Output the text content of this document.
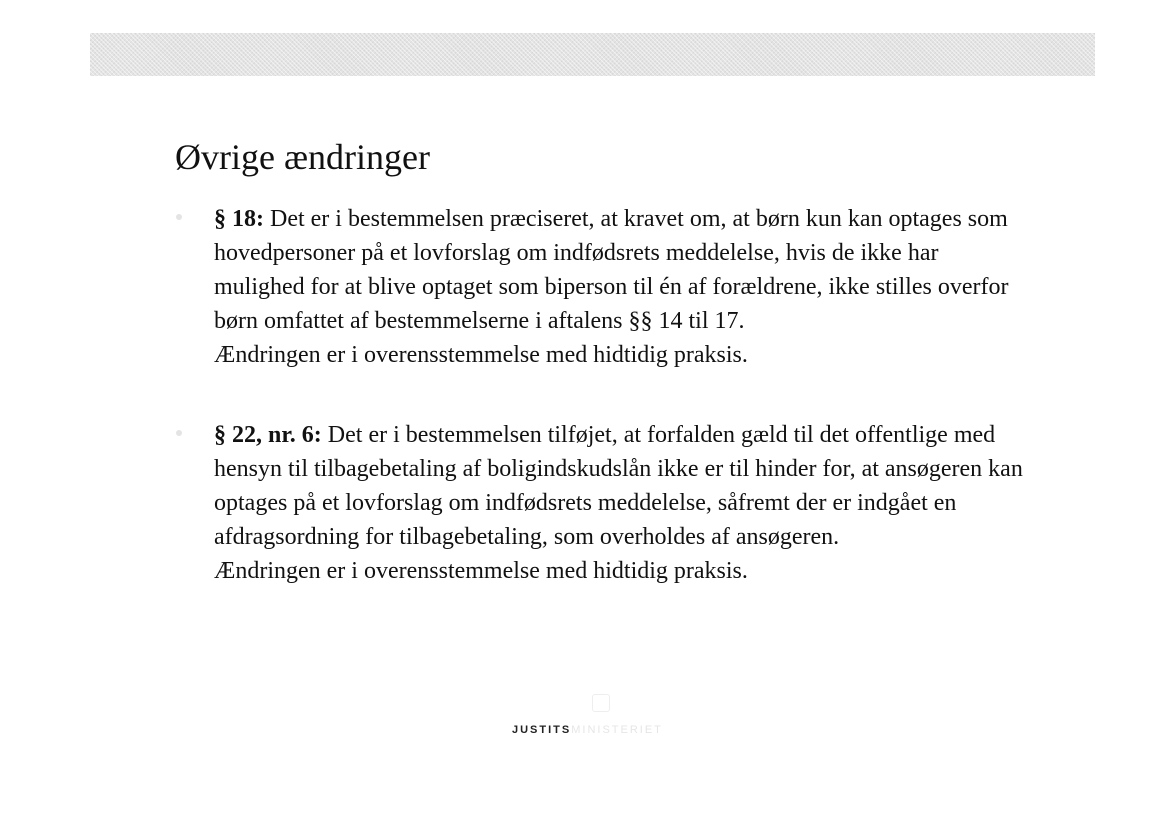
Øvrige ændringer
§ 18: Det er i bestemmelsen præciseret, at kravet om, at børn kun kan optages som hovedpersoner på et lovforslag om indfødsrets meddelelse, hvis de ikke har mulighed for at blive optaget som biperson til én af forældrene, ikke stilles overfor børn omfattet af bestemmelserne i aftalens §§ 14 til 17.
Ændringen er i overensstemmelse med hidtidig praksis.
§ 22, nr. 6: Det er i bestemmelsen tilføjet, at forfalden gæld til det offentlige med hensyn til tilbagebetaling af boligindskudslån ikke er til hinder for, at ansøgeren kan optages på et lovforslag om indfødsrets meddelelse, såfremt der er indgået en afdragsordning for tilbagebetaling, som overholdes af ansøgeren.
Ændringen er i overensstemmelse med hidtidig praksis.
JUSTITSMINISTERIET
